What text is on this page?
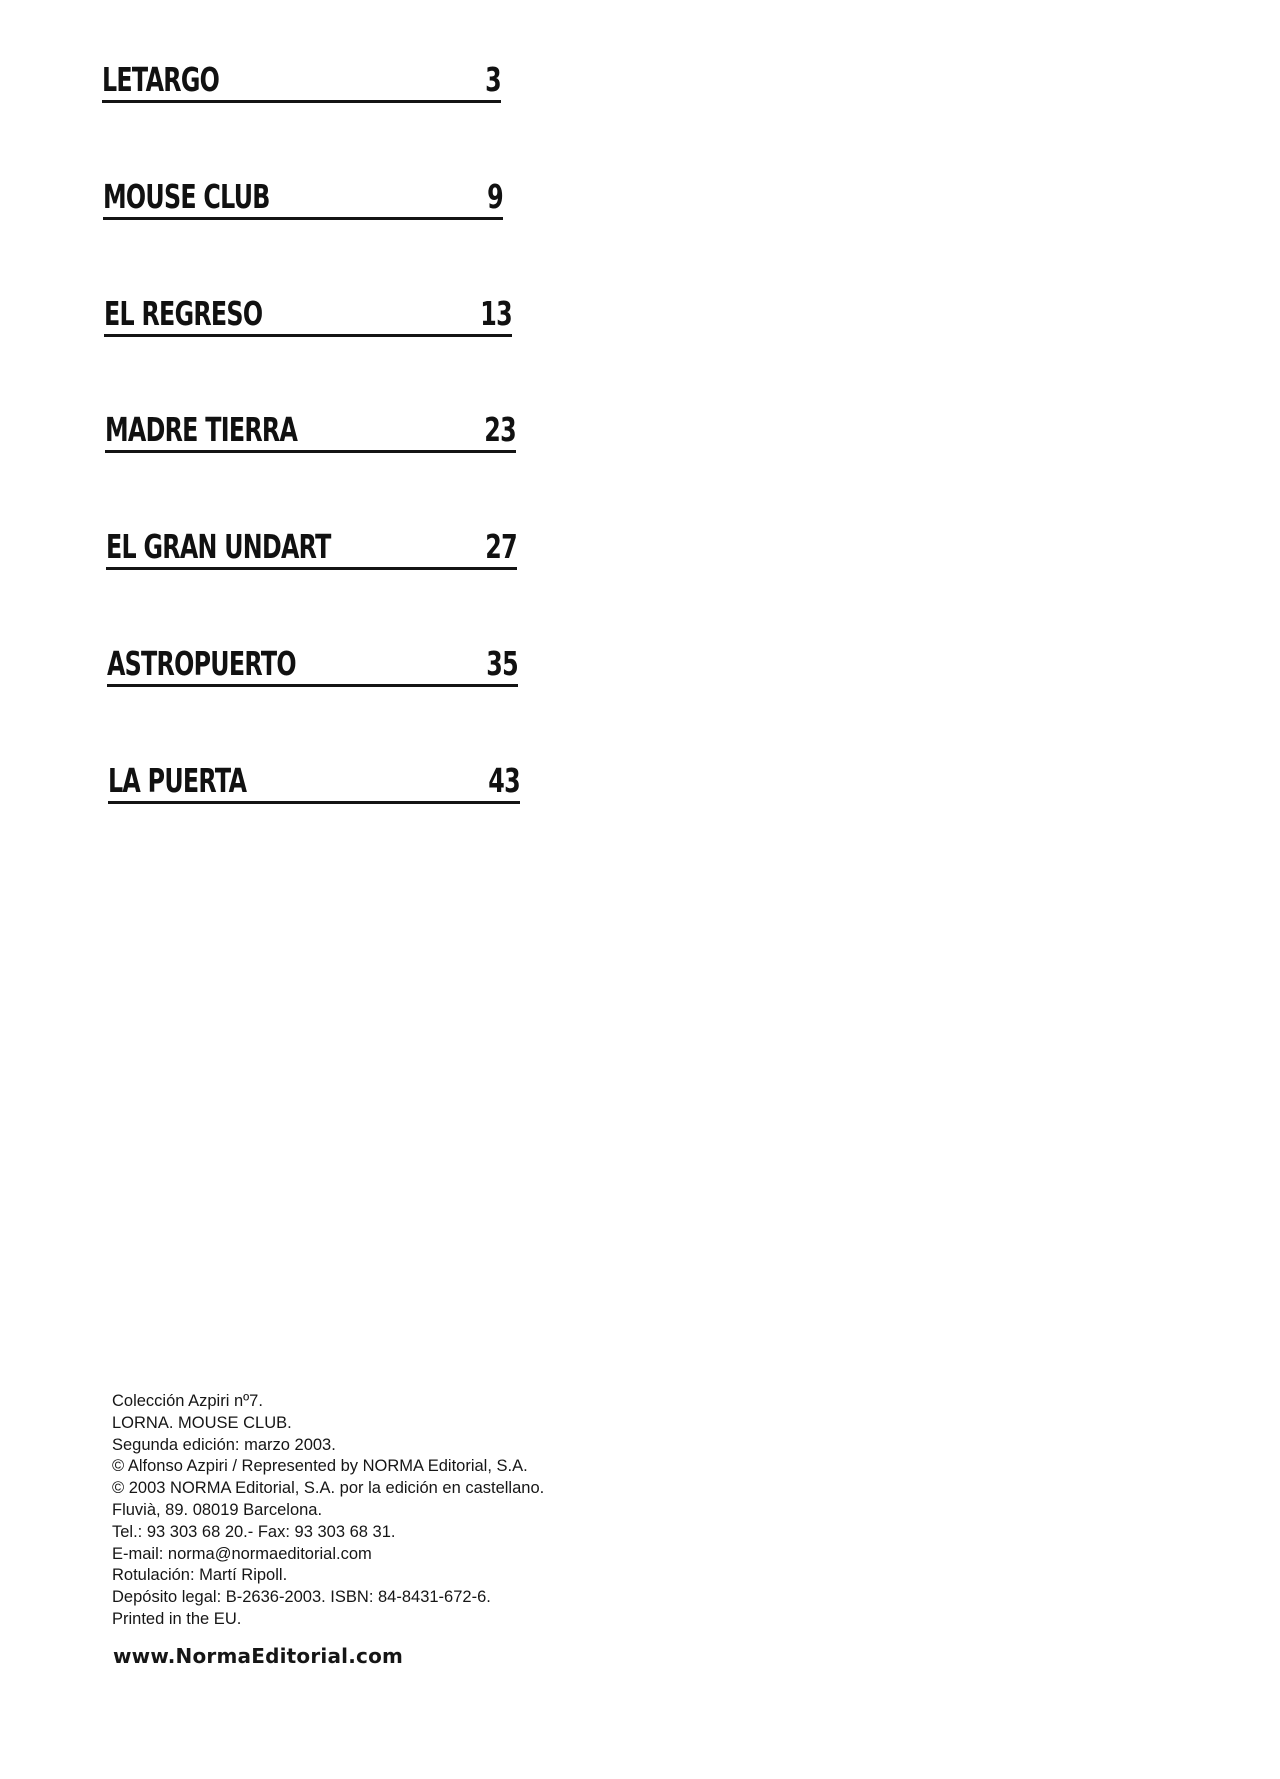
LETARGO	3
MOUSE CLUB	9
EL REGRESO	13
MADRE TIERRA	23
EL GRAN UNDART	27
ASTROPUERTO	35
LA PUERTA	43
Colección Azpiri nº7.
LORNA. MOUSE CLUB.
Segunda edición: marzo 2003.
© Alfonso Azpiri / Represented by NORMA Editorial, S.A.
© 2003 NORMA Editorial, S.A. por la edición en castellano.
Fluvià, 89. 08019 Barcelona.
Tel.: 93 303 68 20.- Fax: 93 303 68 31.
E-mail: norma@normaeditorial.com
Rotulación: Martí Ripoll.
Depósito legal: B-2636-2003. ISBN: 84-8431-672-6.
Printed in the EU.
www.NormaEditorial.com
